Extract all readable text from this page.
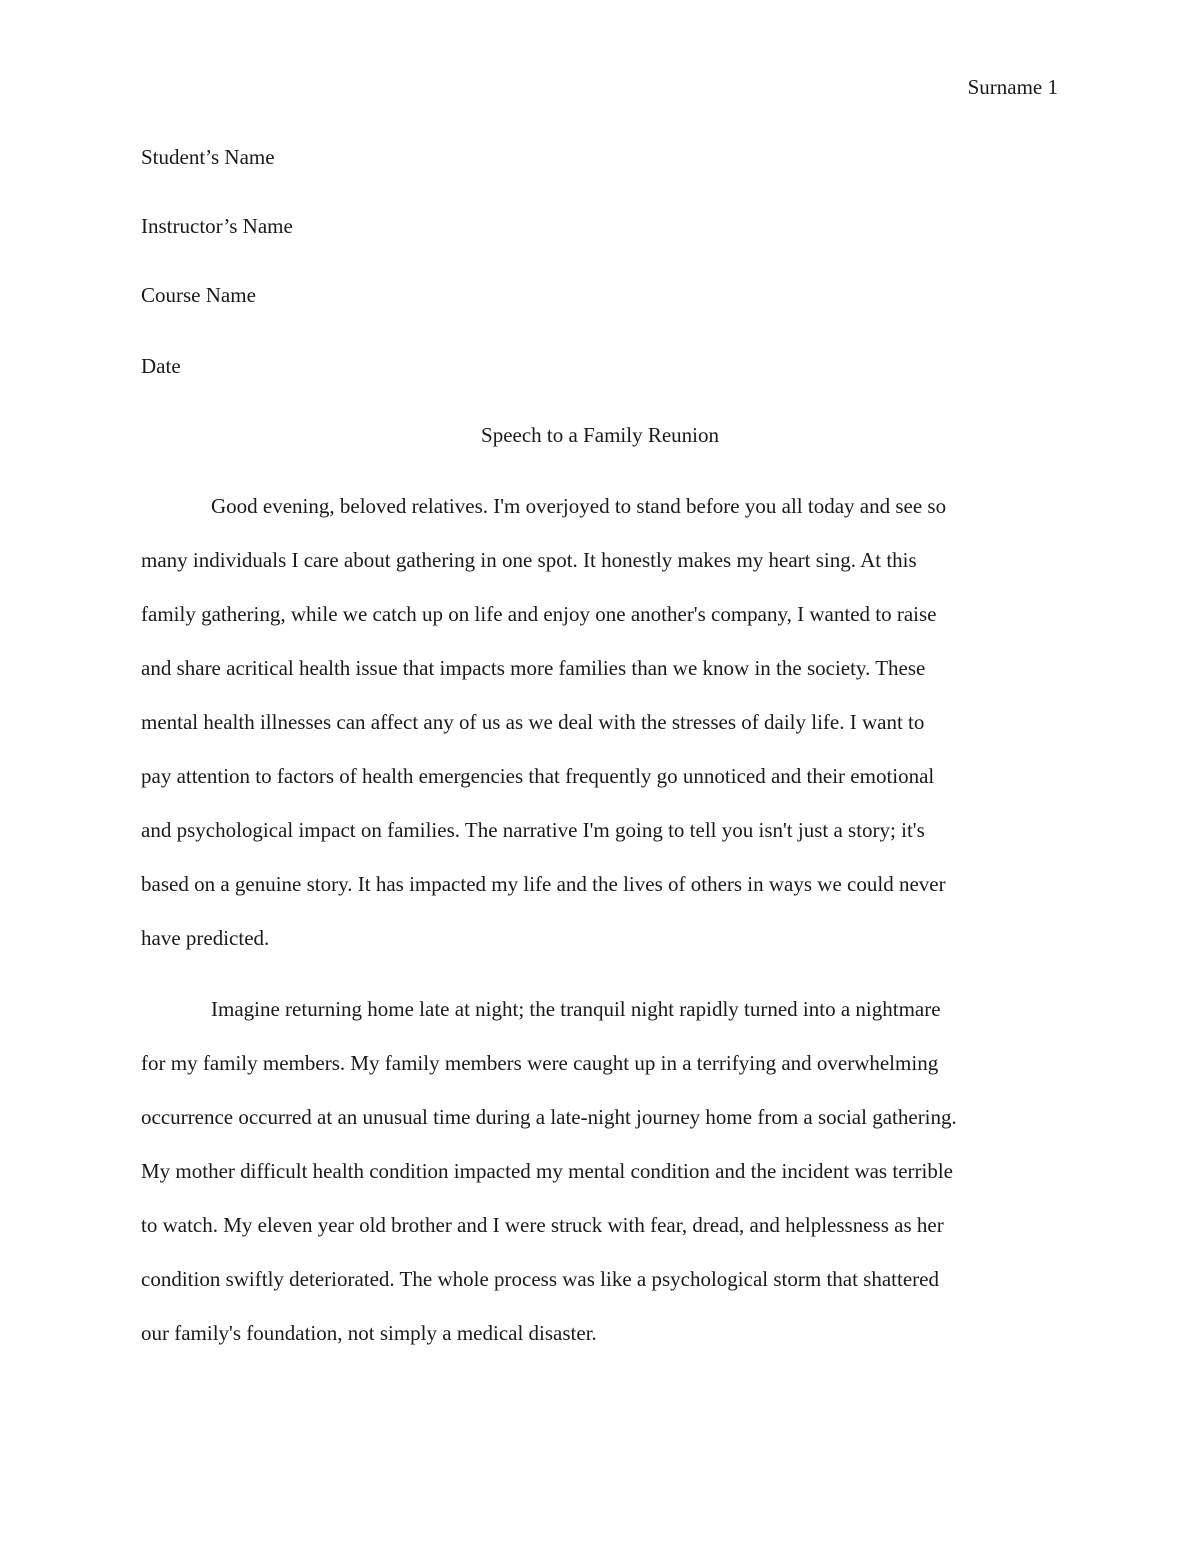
Surname 1
Student’s Name
Instructor’s Name
Course Name
Date
Speech to a Family Reunion
Good evening, beloved relatives. I'm overjoyed to stand before you all today and see so
many individuals I care about gathering in one spot. It honestly makes my heart sing. At this
family gathering, while we catch up on life and enjoy one another's company, I wanted to raise
and share acritical health issue that impacts more families than we know in the society. These
mental health illnesses can affect any of us as we deal with the stresses of daily life. I want to
pay attention to factors of health emergencies that frequently go unnoticed and their emotional
and psychological impact on families. The narrative I'm going to tell you isn't just a story; it's
based on a genuine story. It has impacted my life and the lives of others in ways we could never
have predicted.
Imagine returning home late at night; the tranquil night rapidly turned into a nightmare
for my family members. My family members were caught up in a terrifying and overwhelming
occurrence occurred at an unusual time during a late-night journey home from a social gathering.
My mother difficult health condition impacted my mental condition and the incident was terrible
to watch. My eleven year old brother and I were struck with fear, dread, and helplessness as her
condition swiftly deteriorated. The whole process was like a psychological storm that shattered
our family's foundation, not simply a medical disaster.
